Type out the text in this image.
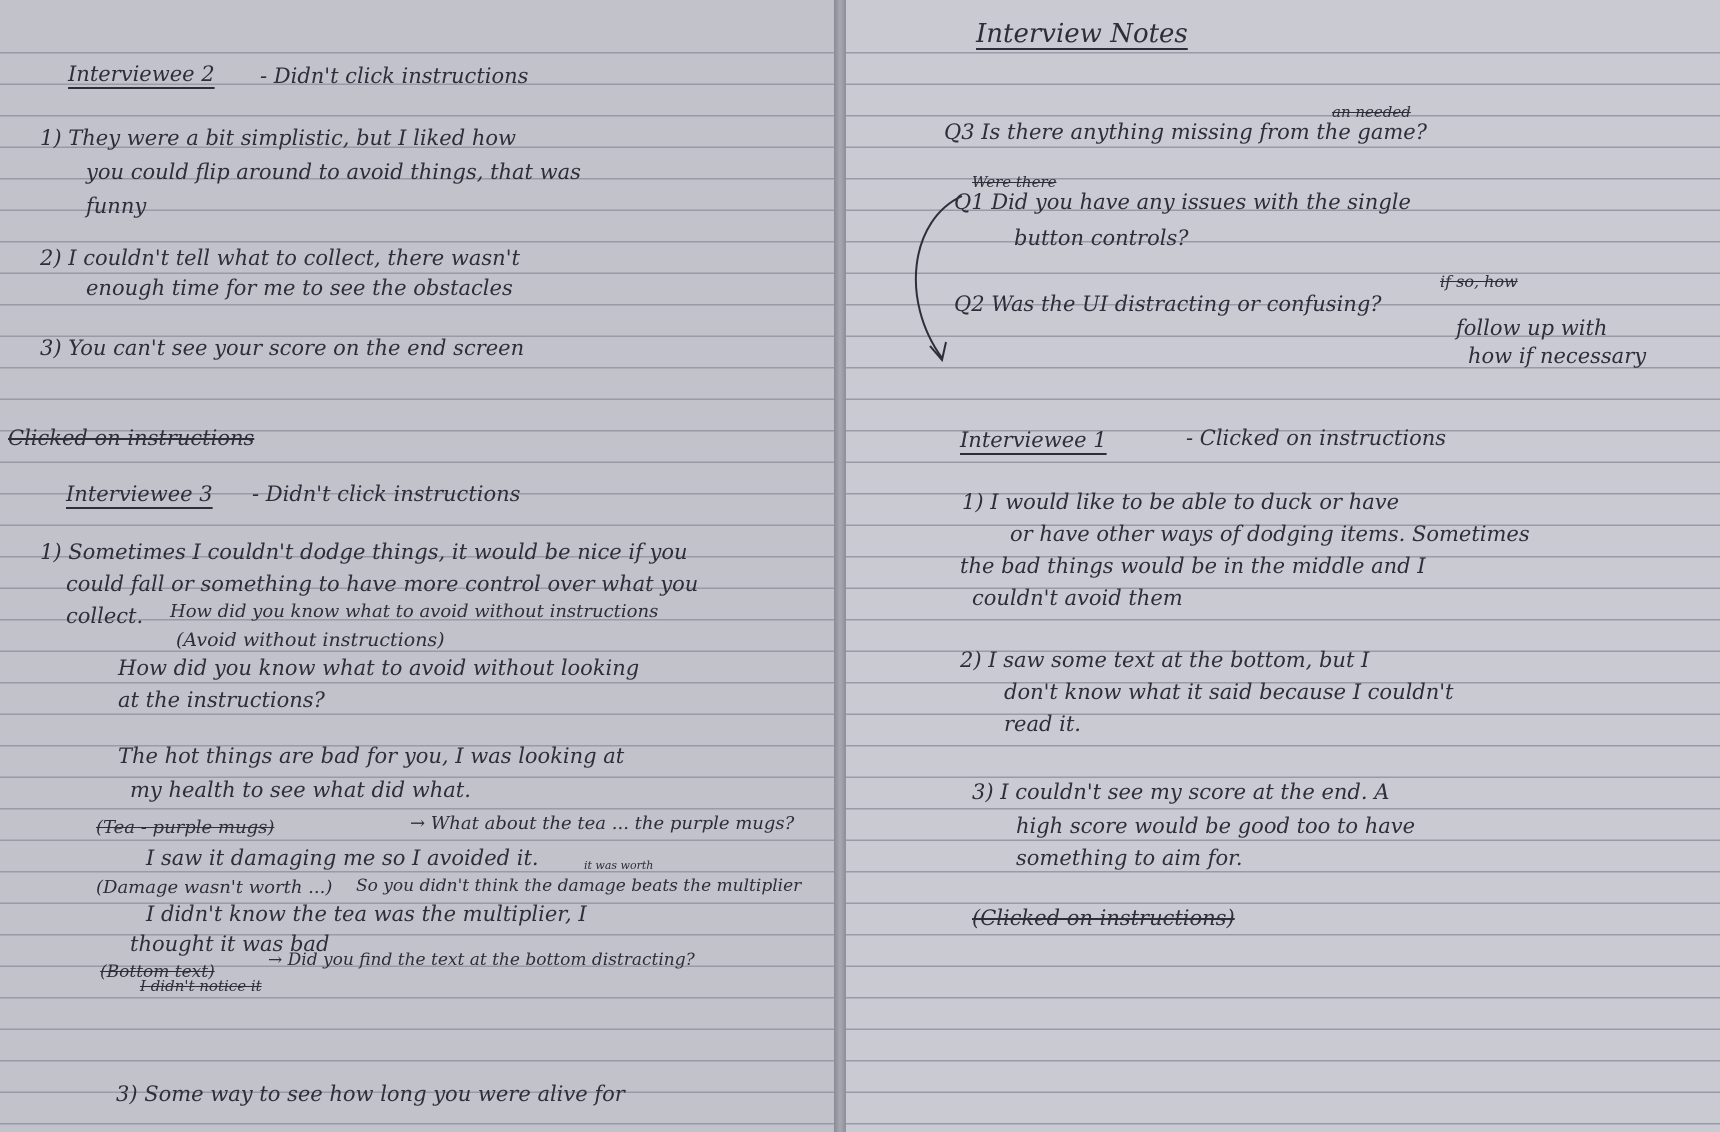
Interviewee 2 - Didn't click instructions
1) They were a bit simplistic, but I liked how
you could flip around to avoid things, that was
funny
2) I couldn't tell what to collect, there wasn't
enough time for me to see the obstacles
3) You can't see your score on the end screen
Clicked on instructions
Interviewee 3 - Didn't click instructions
1) Sometimes I couldn't dodge things, it would be nice if you
could fall or something to have more control over what you
collect. How did you know what to avoid without instructions
(Avoid without instructions)
How did you know what to avoid without looking
at the instructions?
The hot things are bad for you, I was looking at
my health to see what did what.
(Tea - purple mugs)	→ What about the tea ... the purple mugs?
I saw it damaging me so I avoided it.	it was worth
(Damage wasn't worth ...) So you didn't think the damage beats the multiplier
I didn't know the tea was the multiplier, I
thought it was bad
(Bottom text)
→ Did you find the text at the bottom distracting?
I didn't notice it
3) Some way to see how long you were alive for
Interview Notes
Q3 Is there anything missing from the game?
an needed
Were there
Q1 Did you have any issues with the single
button controls?
Q2 Was the UI distracting or confusing?
if so, how
follow up with
how if necessary
Interviewee 1	- Clicked on instructions
1) I would like to be able to duck or have
or have other ways of dodging items. Sometimes
the bad things would be in the middle and I
couldn't avoid them
2) I saw some text at the bottom, but I
don't know what it said because I couldn't
read it.
3) I couldn't see my score at the end. A
high score would be good too to have
something to aim for.
(Clicked on instructions)
